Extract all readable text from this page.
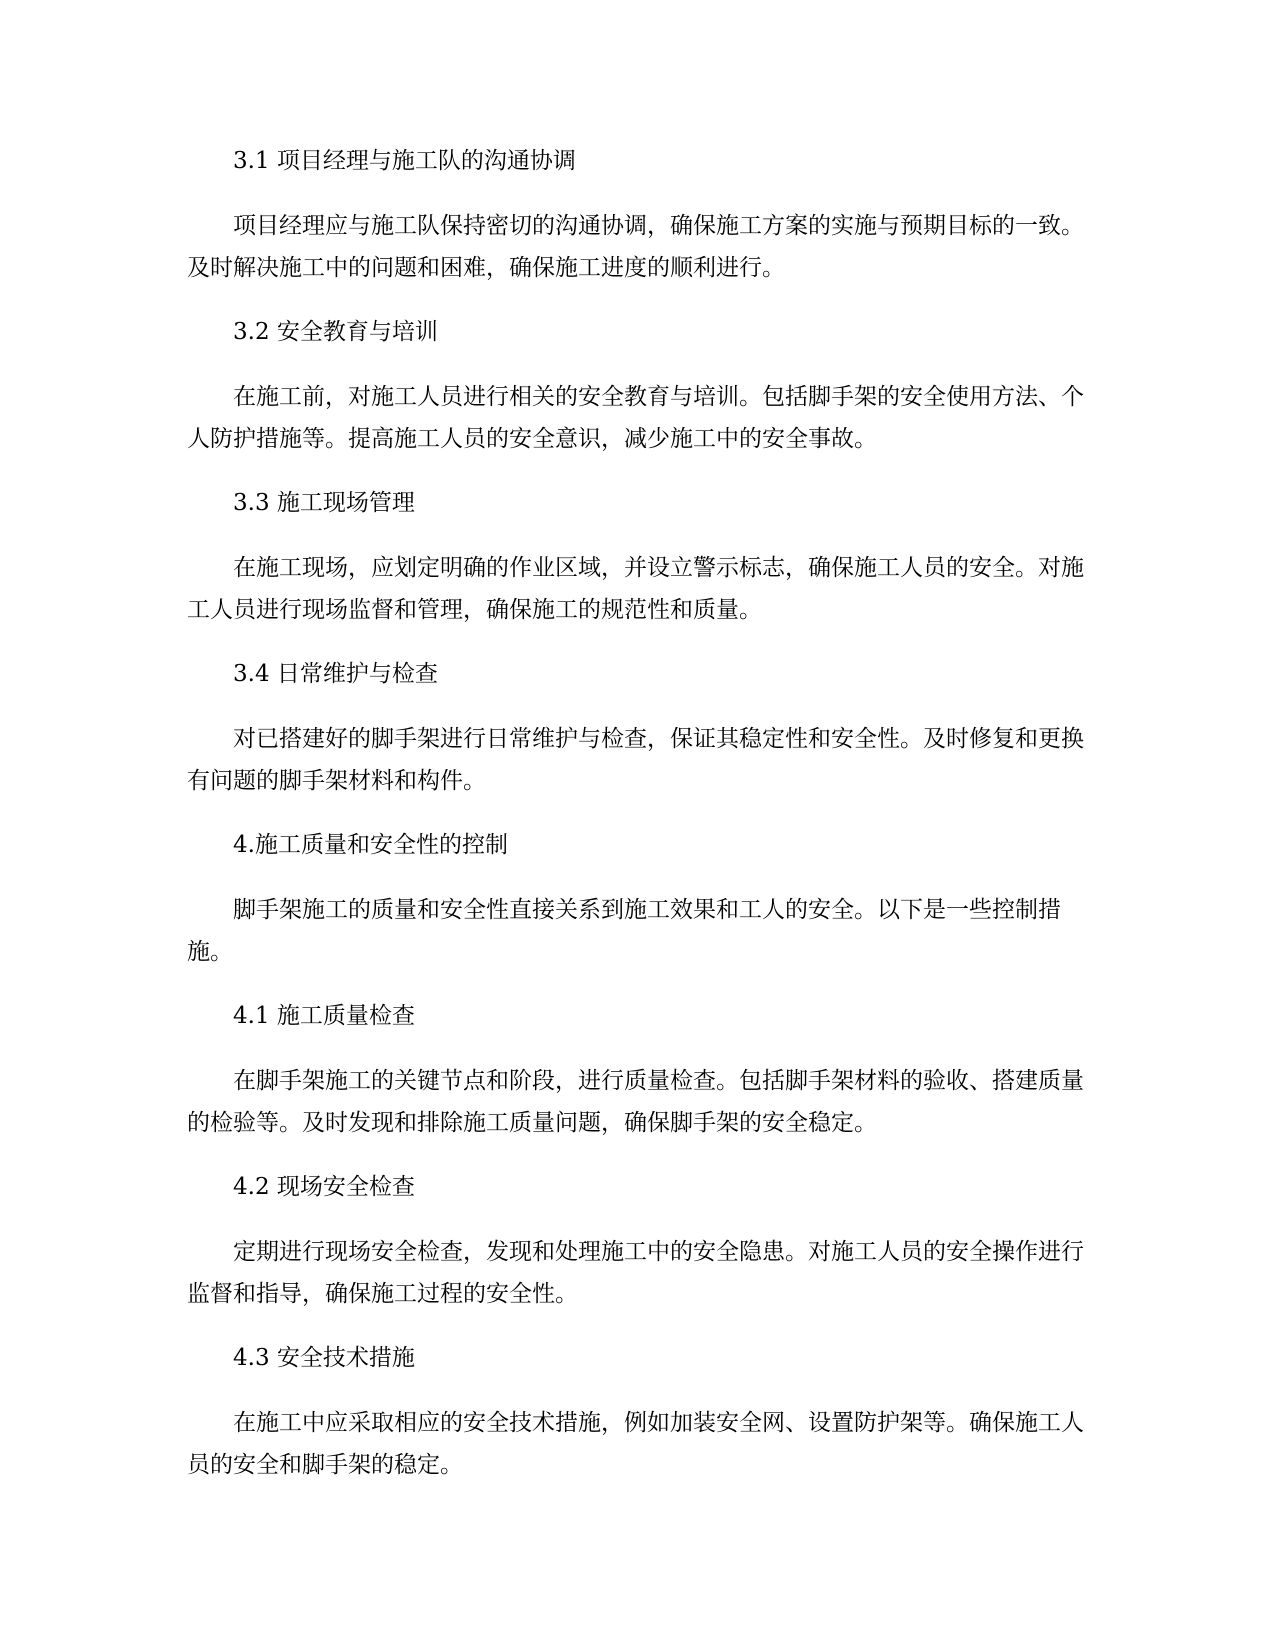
3.1 项目经理与施工队的沟通协调

项目经理应与施工队保持密切的沟通协调，确保施工方案的实施与预期目标的一致。及时解决施工中的问题和困难，确保施工进度的顺利进行。

3.2 安全教育与培训

在施工前，对施工人员进行相关的安全教育与培训。包括脚手架的安全使用方法、个人防护措施等。提高施工人员的安全意识，减少施工中的安全事故。

3.3 施工现场管理

在施工现场，应划定明确的作业区域，并设立警示标志，确保施工人员的安全。对施工人员进行现场监督和管理，确保施工的规范性和质量。

3.4 日常维护与检查

对已搭建好的脚手架进行日常维护与检查，保证其稳定性和安全性。及时修复和更换有问题的脚手架材料和构件。

4.施工质量和安全性的控制

脚手架施工的质量和安全性直接关系到施工效果和工人的安全。以下是一些控制措施。

4.1 施工质量检查

在脚手架施工的关键节点和阶段，进行质量检查。包括脚手架材料的验收、搭建质量的检验等。及时发现和排除施工质量问题，确保脚手架的安全稳定。

4.2 现场安全检查

定期进行现场安全检查，发现和处理施工中的安全隐患。对施工人员的安全操作进行监督和指导，确保施工过程的安全性。

4.3 安全技术措施

在施工中应采取相应的安全技术措施，例如加装安全网、设置防护架等。确保施工人员的安全和脚手架的稳定。
